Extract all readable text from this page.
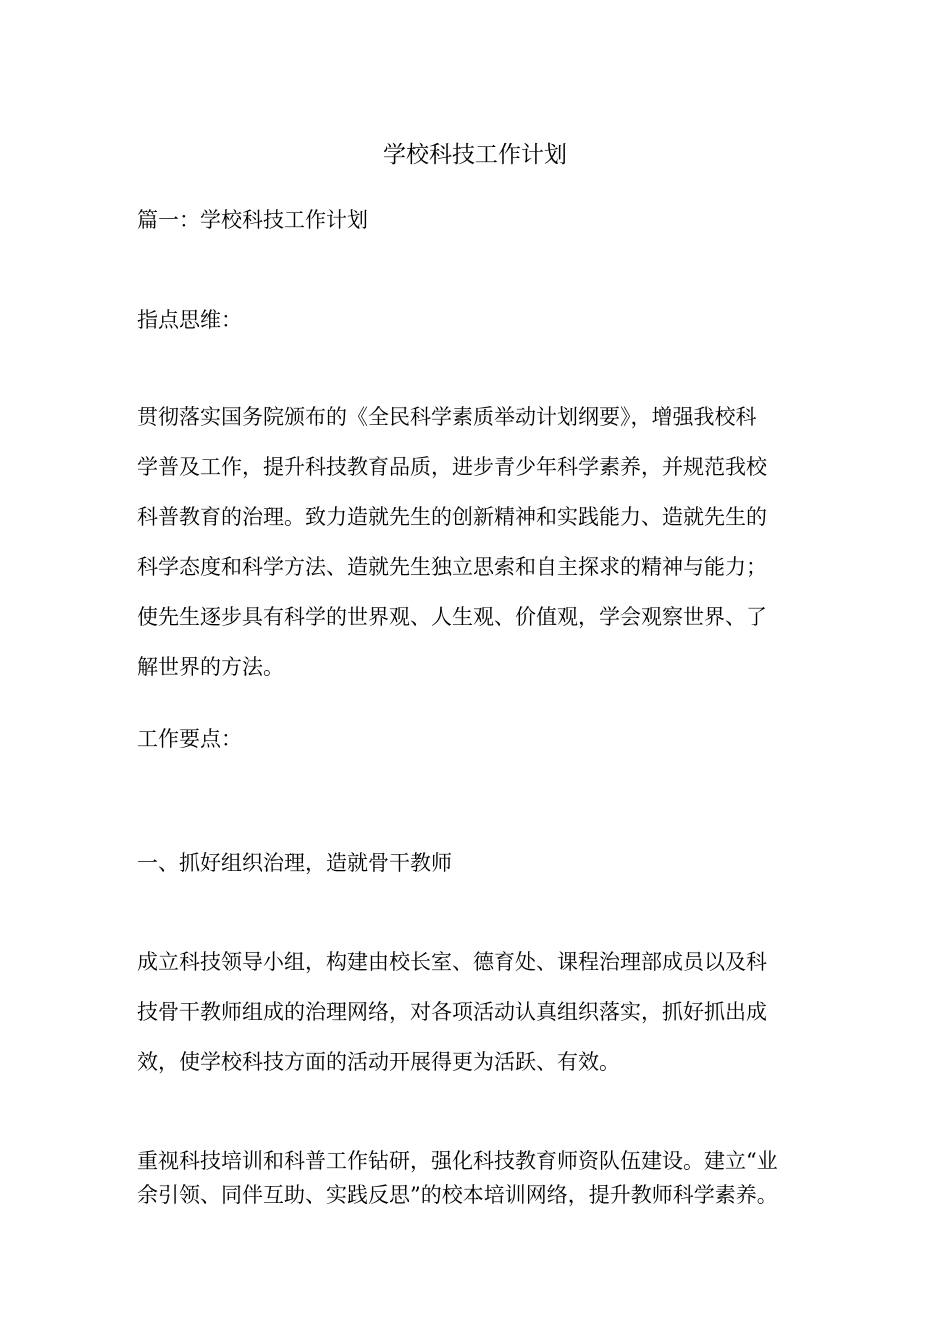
学校科技工作计划

篇一：学校科技工作计划

指点思维：

贯彻落实国务院颁布的《全民科学素质举动计划纲要》，增强我校科
学普及工作，提升科技教育品质，进步青少年科学素养，并规范我校
科普教育的治理。致力造就先生的创新精神和实践能力、造就先生的
科学态度和科学方法、造就先生独立思索和自主探求的精神与能力；
使先生逐步具有科学的世界观、人生观、价值观，学会观察世界、了
解世界的方法。

工作要点：

一、抓好组织治理，造就骨干教师

成立科技领导小组，构建由校长室、德育处、课程治理部成员以及科
技骨干教师组成的治理网络，对各项活动认真组织落实，抓好抓出成
效，使学校科技方面的活动开展得更为活跃、有效。
重视科技培训和科普工作钻研，强化科技教育师资队伍建设。建立“业
余引领、同伴互助、实践反思”的校本培训网络，提升教师科学素养。
